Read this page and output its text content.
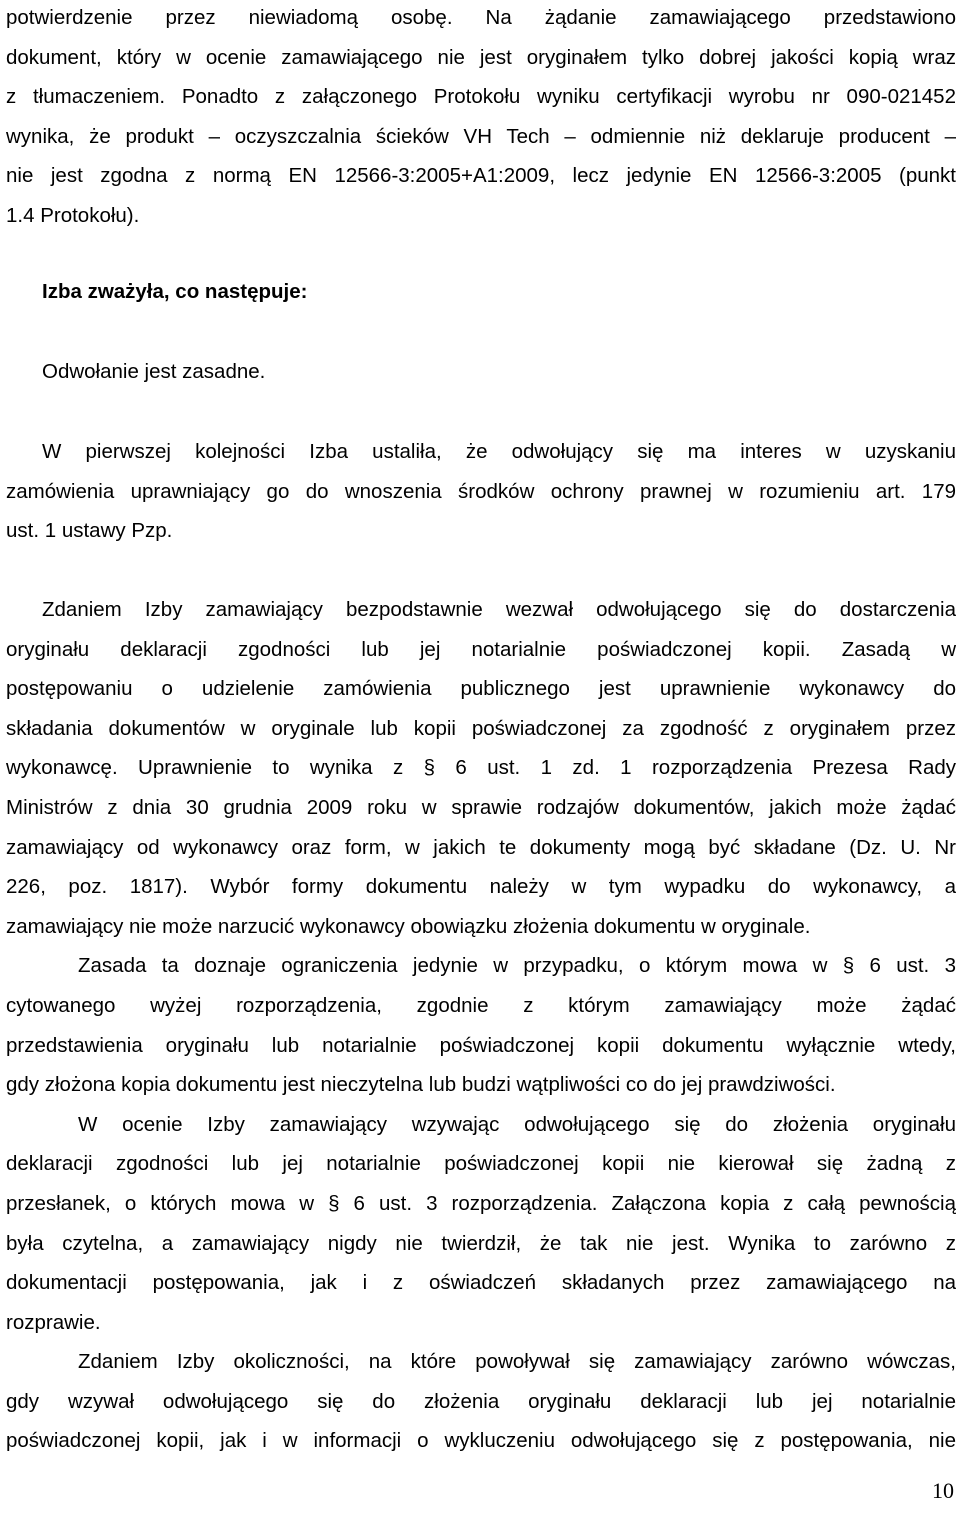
potwierdzenie przez niewiadomą osobę. Na żądanie zamawiającego przedstawiono
dokument, który w ocenie zamawiającego nie jest oryginałem tylko dobrej jakości kopią wraz
z tłumaczeniem. Ponadto z załączonego Protokołu wyniku certyfikacji wyrobu nr 090-021452
wynika, że produkt – oczyszczalnia ścieków VH Tech – odmiennie niż deklaruje producent –
nie jest zgodna z normą EN 12566-3:2005+A1:2009, lecz jedynie EN 12566-3:2005 (punkt
1.4 Protokołu).
Izba zważyła, co następuje:
Odwołanie jest zasadne.
W pierwszej kolejności Izba ustaliła, że odwołujący się ma interes w uzyskaniu
zamówienia uprawniający go do wnoszenia środków ochrony prawnej w rozumieniu art. 179
ust. 1 ustawy Pzp.
Zdaniem Izby zamawiający bezpodstawnie wezwał odwołującego się do dostarczenia
oryginału deklaracji zgodności lub jej notarialnie poświadczonej kopii. Zasadą w
postępowaniu o udzielenie zamówienia publicznego jest uprawnienie wykonawcy do
składania dokumentów w oryginale lub kopii poświadczonej za zgodność z oryginałem przez
wykonawcę. Uprawnienie to wynika z § 6 ust. 1 zd. 1 rozporządzenia Prezesa Rady
Ministrów z dnia 30 grudnia 2009 roku w sprawie rodzajów dokumentów, jakich może żądać
zamawiający od wykonawcy oraz form, w jakich te dokumenty mogą być składane (Dz. U. Nr
226, poz. 1817). Wybór formy dokumentu należy w tym wypadku do wykonawcy, a
zamawiający nie może narzucić wykonawcy obowiązku złożenia dokumentu w oryginale.
Zasada ta doznaje ograniczenia jedynie w przypadku, o którym mowa w § 6 ust. 3
cytowanego wyżej rozporządzenia, zgodnie z którym zamawiający może żądać
przedstawienia oryginału lub notarialnie poświadczonej kopii dokumentu wyłącznie wtedy,
gdy złożona kopia dokumentu jest nieczytelna lub budzi wątpliwości co do jej prawdziwości.
W ocenie Izby zamawiający wzywając odwołującego się do złożenia oryginału
deklaracji zgodności lub jej notarialnie poświadczonej kopii nie kierował się żadną z
przesłanek, o których mowa w § 6 ust. 3 rozporządzenia. Załączona kopia z całą pewnością
była czytelna, a zamawiający nigdy nie twierdził, że tak nie jest. Wynika to zarówno z
dokumentacji postępowania, jak i z oświadczeń składanych przez zamawiającego na
rozprawie.
Zdaniem Izby okoliczności, na które powoływał się zamawiający zarówno wówczas,
gdy wzywał odwołującego się do złożenia oryginału deklaracji lub jej notarialnie
poświadczonej kopii, jak i w informacji o wykluczeniu odwołującego się z postępowania, nie
10
